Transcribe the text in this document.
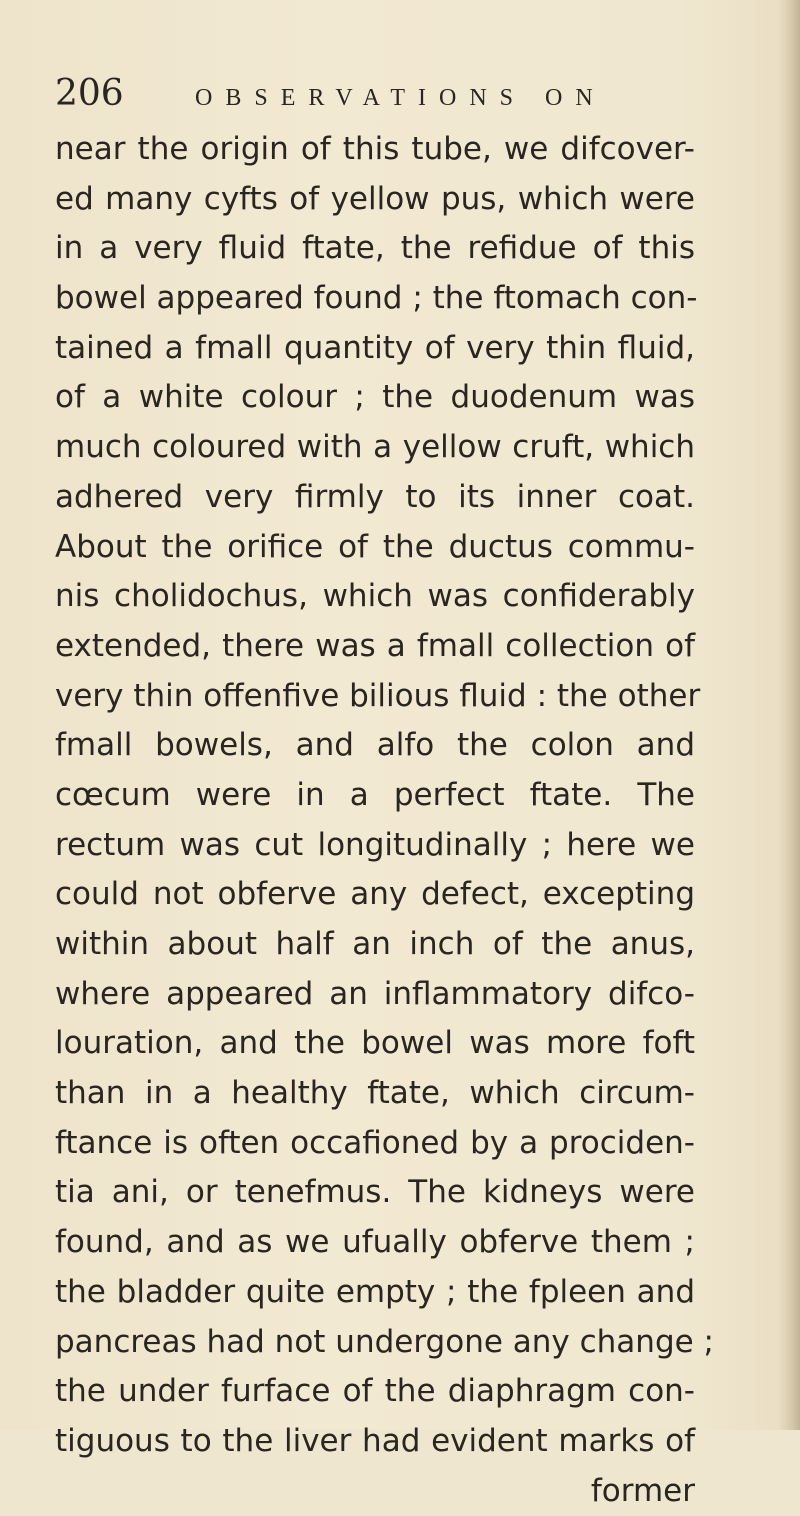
206	OBSERVATIONS ON
near the origin of this tube, we difcover-
ed many cyfts of yellow pus, which were
in a very fluid ftate, the refidue of this
bowel appeared found ; the ftomach con-
tained a fmall quantity of very thin fluid,
of a white colour ; the duodenum was
much coloured with a yellow cruft, which
adhered very firmly to its inner coat.
About the orifice of the ductus commu-
nis cholidochus, which was confiderably
extended, there was a fmall collection of
very thin offenfive bilious fluid : the other
fmall bowels, and alfo the colon and
cœcum were in a perfect ftate. The
rectum was cut longitudinally ; here we
could not obferve any defect, excepting
within about half an inch of the anus,
where appeared an inflammatory difco-
louration, and the bowel was more foft
than in a healthy ftate, which circum-
ftance is often occafioned by a prociden-
tia ani, or tenefmus. The kidneys were
found, and as we ufually obferve them ;
the bladder quite empty ; the fpleen and
pancreas had not undergone any change ;
the under furface of the diaphragm con-
tiguous to the liver had evident marks of
former
